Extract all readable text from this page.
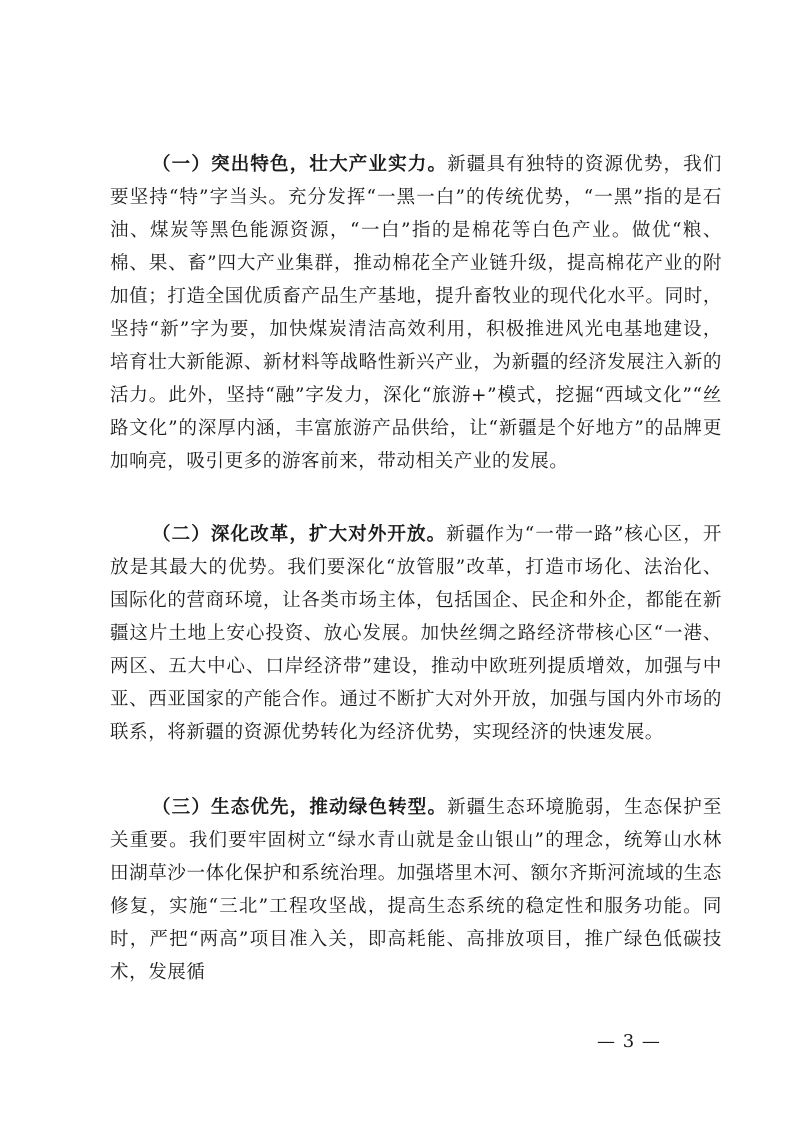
（一）突出特色，壮大产业实力。新疆具有独特的资源优势，我们要坚持“特”字当头。充分发挥“一黑一白”的传统优势，“一黑”指的是石油、煤炭等黑色能源资源，“一白”指的是棉花等白色产业。做优“粮、棉、果、畜”四大产业集群，推动棉花全产业链升级，提高棉花产业的附加值；打造全国优质畜产品生产基地，提升畜牧业的现代化水平。同时，坚持“新”字为要，加快煤炭清洁高效利用，积极推进风光电基地建设，培育壮大新能源、新材料等战略性新兴产业，为新疆的经济发展注入新的活力。此外，坚持“融”字发力，深化“旅游+”模式，挖掘“西域文化”“丝路文化”的深厚内涵，丰富旅游产品供给，让“新疆是个好地方”的品牌更加响亮，吸引更多的游客前来，带动相关产业的发展。

（二）深化改革，扩大对外开放。新疆作为“一带一路”核心区，开放是其最大的优势。我们要深化“放管服”改革，打造市场化、法治化、国际化的营商环境，让各类市场主体，包括国企、民企和外企，都能在新疆这片土地上安心投资、放心发展。加快丝绸之路经济带核心区“一港、两区、五大中心、口岸经济带”建设，推动中欧班列提质增效，加强与中亚、西亚国家的产能合作。通过不断扩大对外开放，加强与国内外市场的联系，将新疆的资源优势转化为经济优势，实现经济的快速发展。

（三）生态优先，推动绿色转型。新疆生态环境脆弱，生态保护至关重要。我们要牢固树立“绿水青山就是金山银山”的理念，统筹山水林田湖草沙一体化保护和系统治理。加强塔里木河、额尔齐斯河流域的生态修复，实施“三北”工程攻坚战，提高生态系统的稳定性和服务功能。同时，严把“两高”项目准入关，即高耗能、高排放项目，推广绿色低碳技术，发展循

— 3 —
